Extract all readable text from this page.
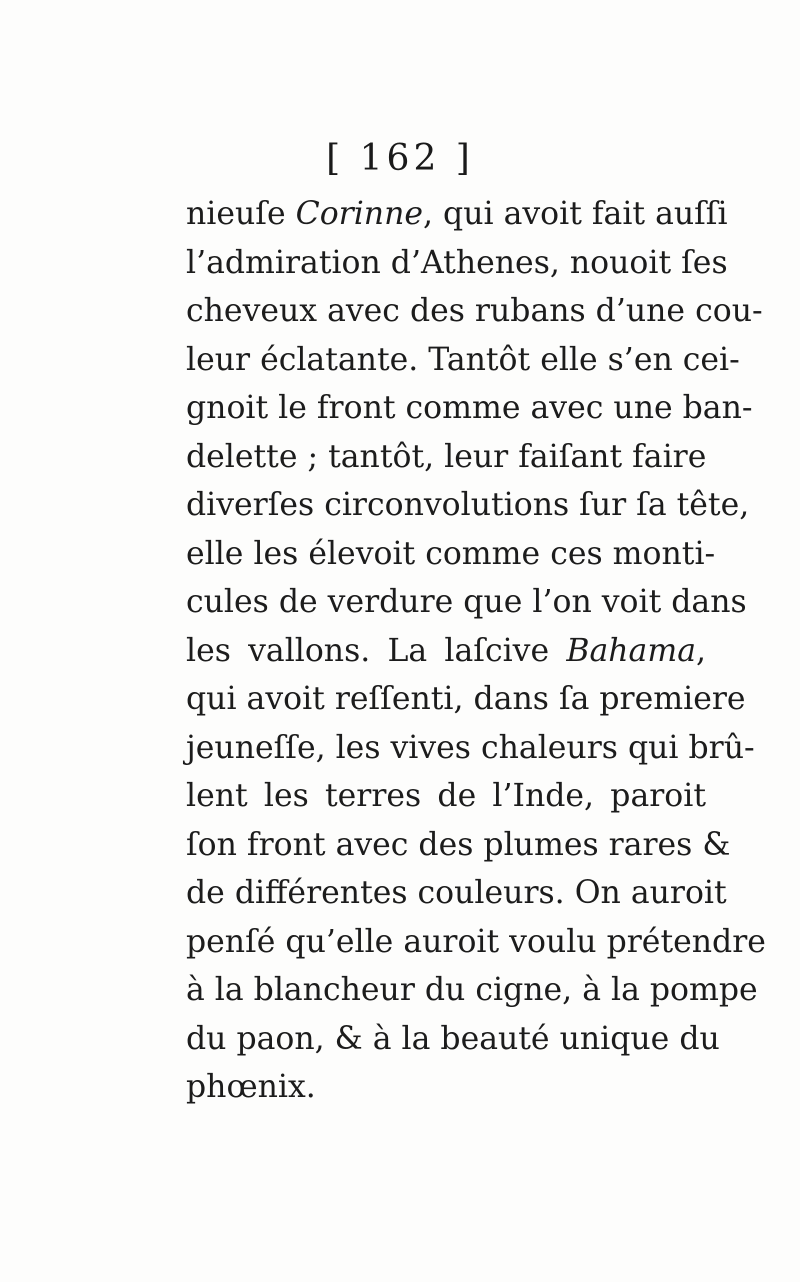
[ 162 ]
nieuſe Corinne, qui avoit fait auſſi
l’admiration d’Athenes, nouoit ſes
cheveux avec des rubans d’une cou-
leur éclatante. Tantôt elle s’en cei-
gnoit le front comme avec une ban-
delette ; tantôt, leur faiſant faire
diverſes circonvolutions ſur ſa tête,
elle les élevoit comme ces monti-
cules de verdure que l’on voit dans
les vallons. La laſcive Bahama,
qui avoit reſſenti, dans ſa premiere
jeuneſſe, les vives chaleurs qui brû-
lent les terres de l’Inde, paroit
ſon front avec des plumes rares &
de différentes couleurs. On auroit
penſé qu’elle auroit voulu prétendre
à la blancheur du cigne, à la pompe
du paon, & à la beauté unique du
phœnix.
